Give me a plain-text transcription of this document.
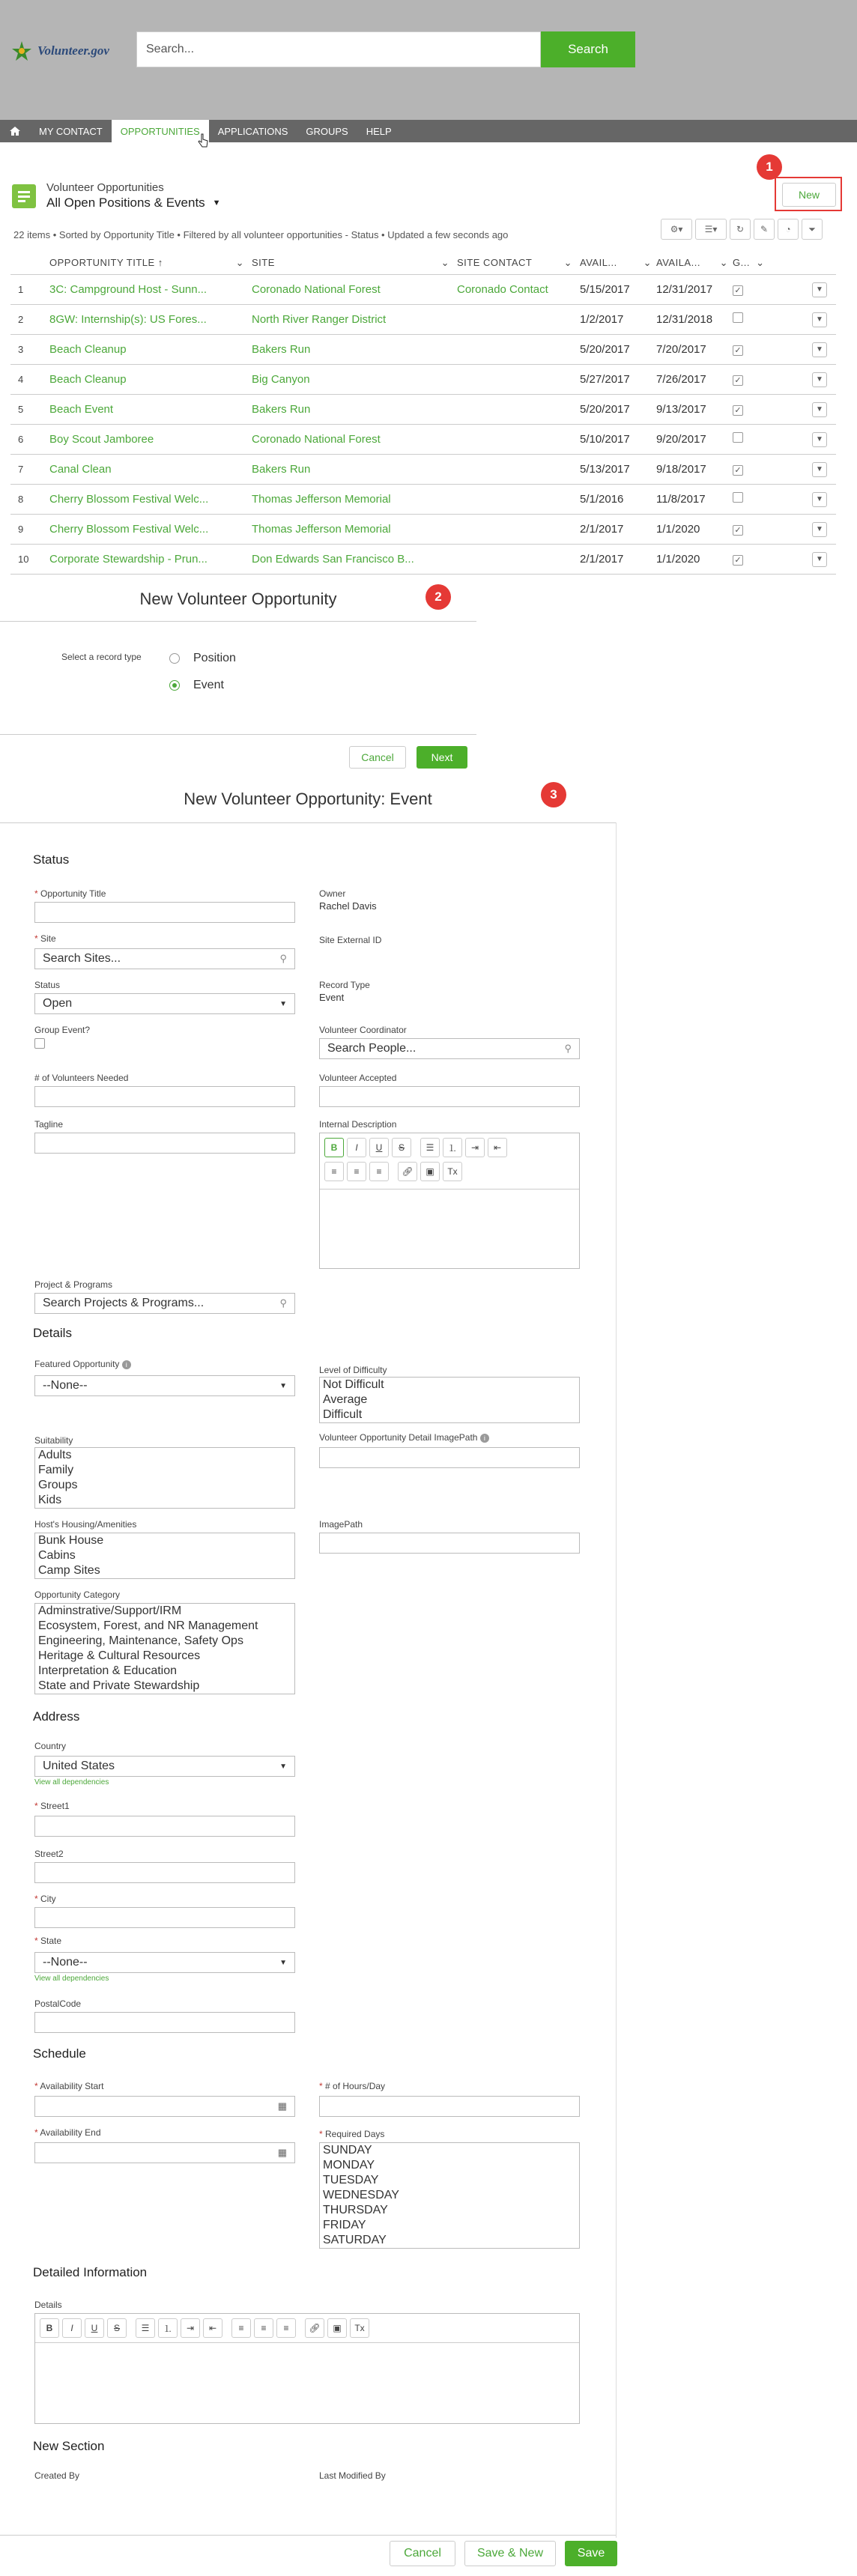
Volunteer.gov	Search...	Search
MY CONTACT	OPPORTUNITIES	APPLICATIONS	GROUPS	HELP
1
New
Volunteer Opportunities
All Open Positions & Events ▼
22 items • Sorted by Opportunity Title • Filtered by all volunteer opportunities - Status • Updated a few seconds ago	⚙▾	☰▾	↻	✎	◔	⏷
	OPPORTUNITY TITLE ↑ ⌄	SITE ⌄	SITE CONTACT ⌄	AVAIL... ⌄	AVAILA... ⌄	G... ⌄	
1	3C: Campground Host - Sunn...	Coronado National Forest	Coronado Contact	5/15/2017	12/31/2017	✓	▼
2	8GW: Internship(s): US Fores...	North River Ranger District		1/2/2017	12/31/2018		▼
3	Beach Cleanup	Bakers Run		5/20/2017	7/20/2017	✓	▼
4	Beach Cleanup	Big Canyon		5/27/2017	7/26/2017	✓	▼
5	Beach Event	Bakers Run		5/20/2017	9/13/2017	✓	▼
6	Boy Scout Jamboree	Coronado National Forest		5/10/2017	9/20/2017		▼
7	Canal Clean	Bakers Run		5/13/2017	9/18/2017	✓	▼
8	Cherry Blossom Festival Welc...	Thomas Jefferson Memorial		5/1/2016	11/8/2017		▼
9	Cherry Blossom Festival Welc...	Thomas Jefferson Memorial		2/1/2017	1/1/2020	✓	▼
10	Corporate Stewardship - Prun...	Don Edwards San Francisco B...		2/1/2017	1/1/2020	✓	▼
New Volunteer Opportunity	2
Select a record type	Position
Event
Cancel	Next
New Volunteer Opportunity: Event	3
Status
* Opportunity Title	Owner
Rachel Davis
* Site
Search Sites...	⚲
Site External ID
Status
Open	▼
Record Type
Event
Group Event?	Volunteer Coordinator
Search People...	⚲
# of Volunteers Needed	Volunteer Accepted
Tagline	Internal Description
B	I	U	S	☰	⒈	⇥	⇤
≡	≡	≡	🔗︎	▣	Tx
Project & Programs
Search Projects & Programs...	⚲
Details
Featured Opportunity i
--None--	▼
Level of Difficulty
Not Difficult
Average
Difficult
Suitability
Adults
Family
Groups
Kids
Volunteer Opportunity Detail ImagePath i
Host's Housing/Amenities
Bunk House
Cabins
Camp Sites
ImagePath
Opportunity Category
Adminstrative/Support/IRM
Ecosystem, Forest, and NR Management
Engineering, Maintenance, Safety Ops
Heritage & Cultural Resources
Interpretation & Education
State and Private Stewardship
Address
Country
United States	▼
View all dependencies
* Street1
Street2
* City
* State
--None--	▼
View all dependencies
PostalCode
Schedule
* Availability Start
▦
* # of Hours/Day
* Availability End
▦
* Required Days
SUNDAY
MONDAY
TUESDAY
WEDNESDAY
THURSDAY
FRIDAY
SATURDAY
Detailed Information
Details
B	I	U	S	☰	⒈	⇥	⇤	≡	≡	≡	🔗︎	▣	Tx
New Section
Created By	Last Modified By
Cancel	Save & New	Save
